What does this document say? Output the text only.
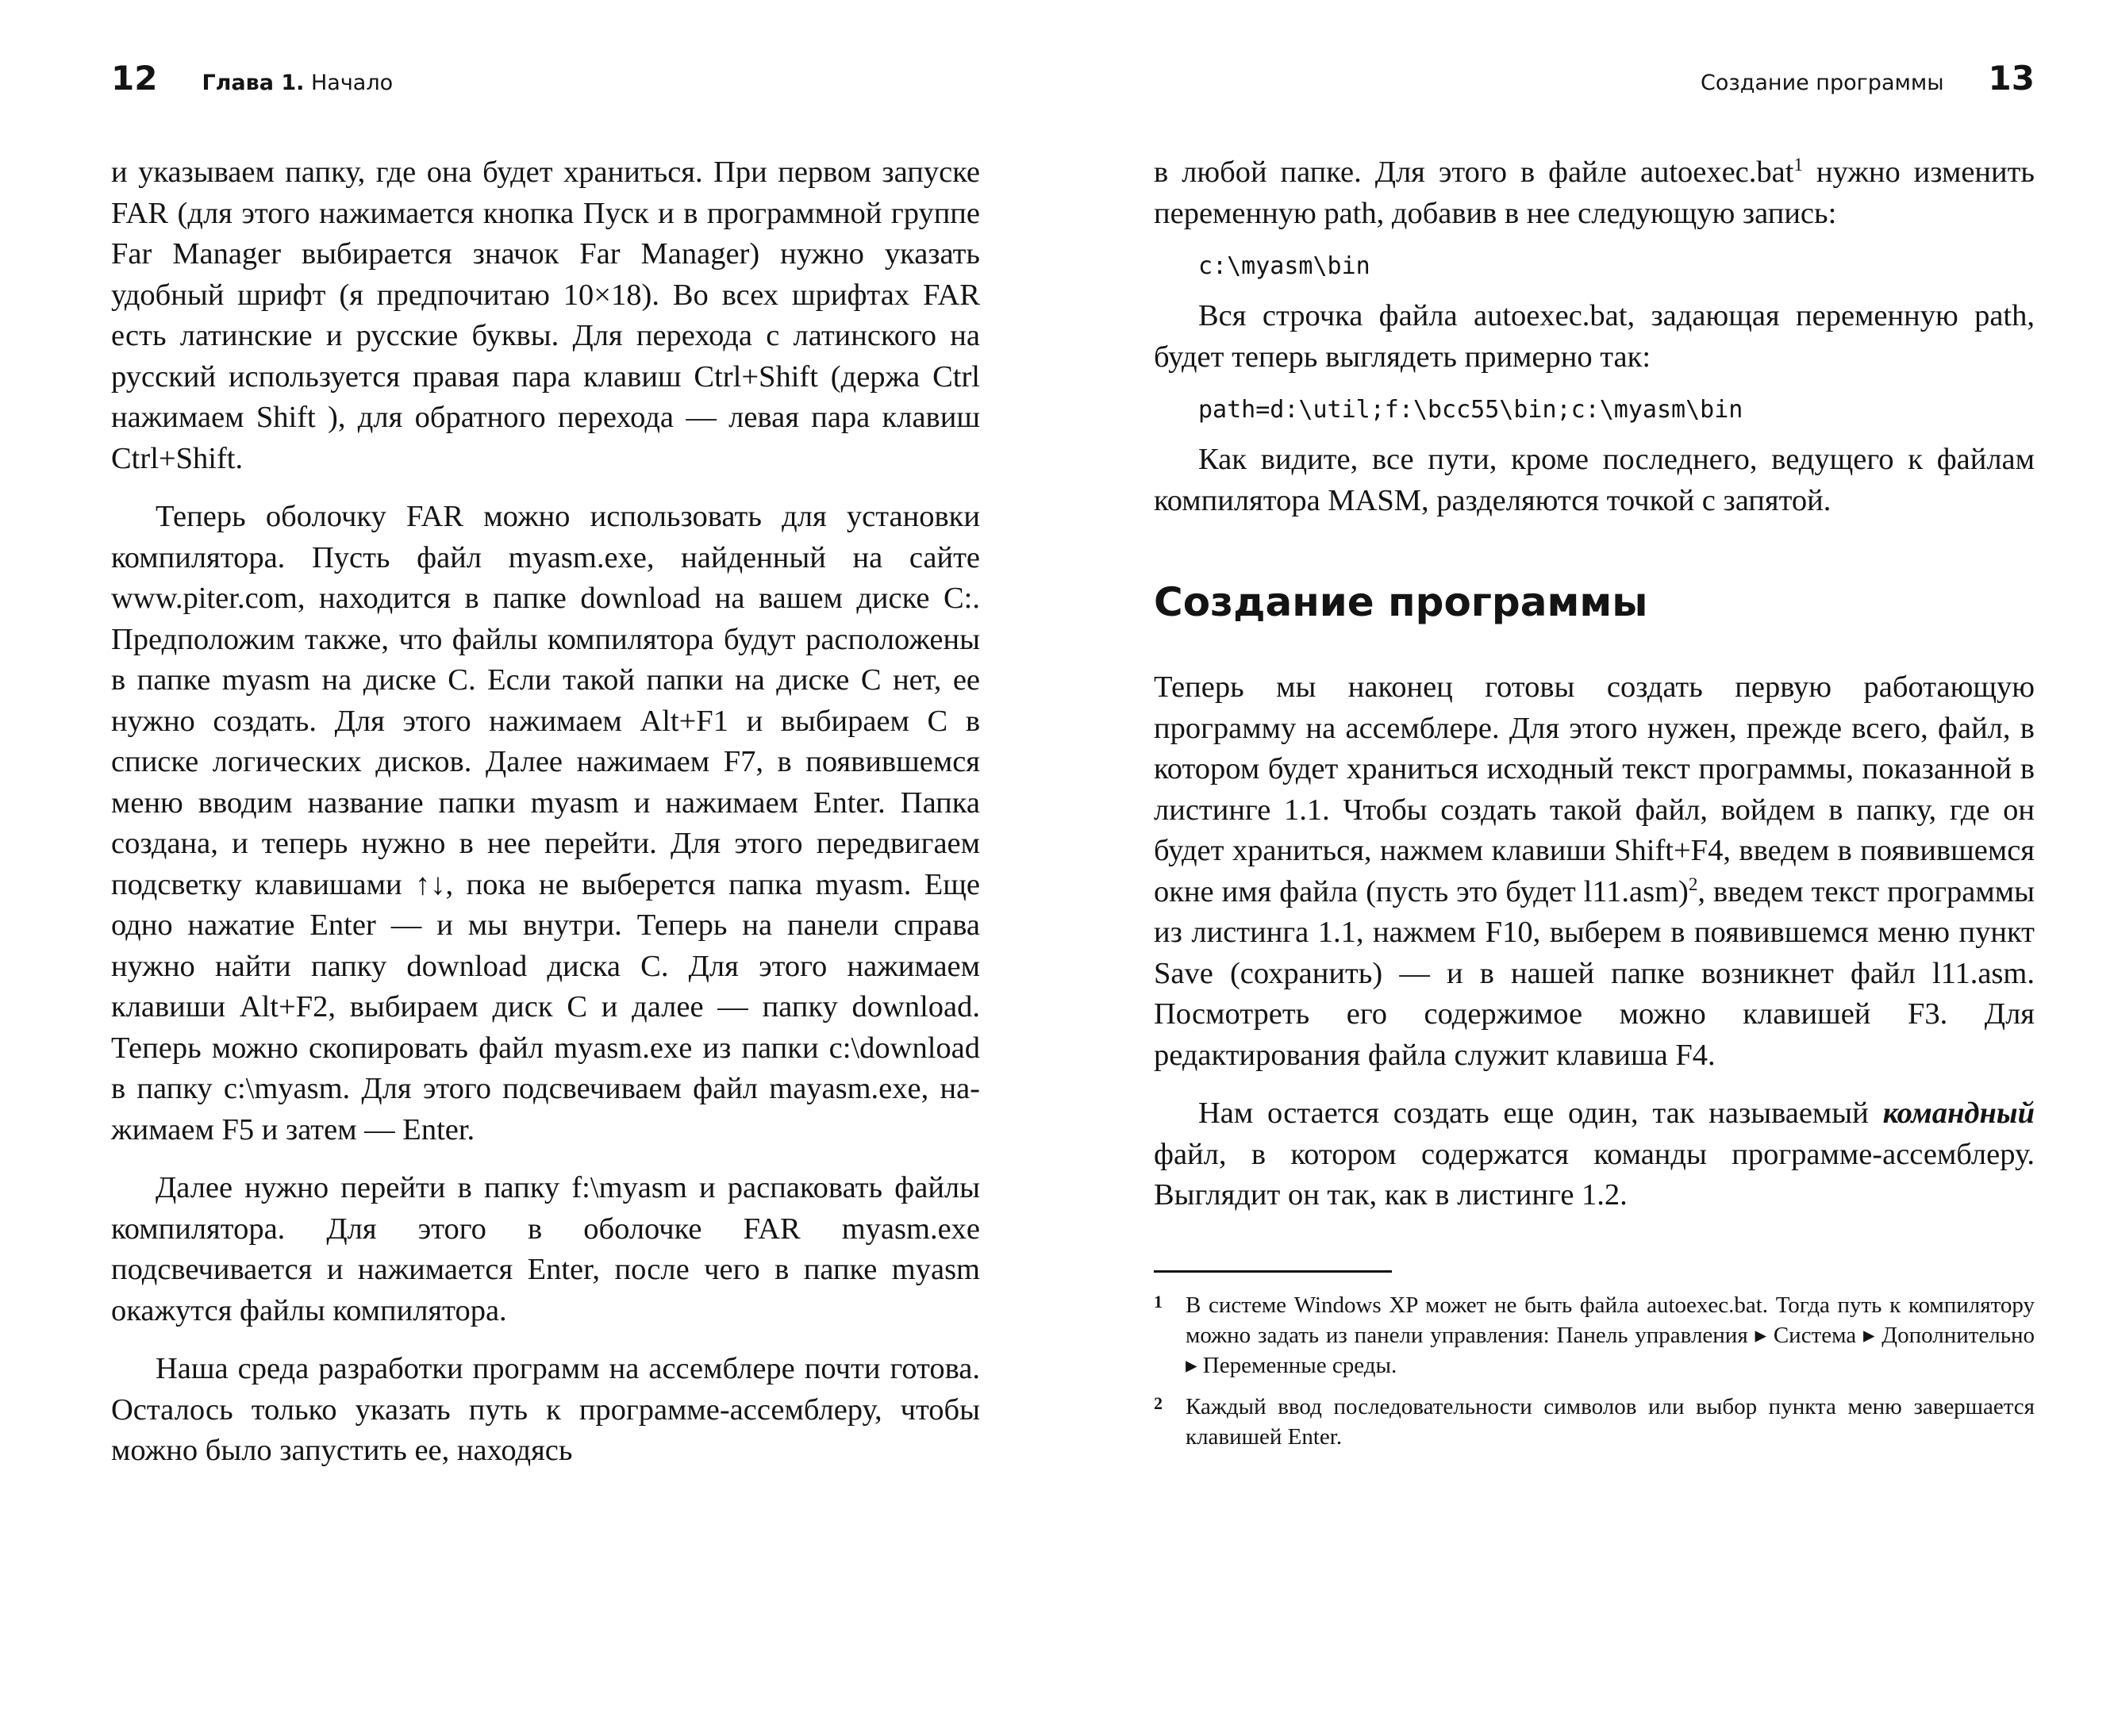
12 Глава 1. Начало

и указываем папку, где она будет храниться. При первом запуске FAR (для этого нажимается кнопка Пуск и в программной группе Far Manager выбирается значок Far Manager) нужно указать удобный шрифт (я предпочитаю 10×18). Во всех шрифтах FAR есть латинские и русские буквы. Для перехода с латинского на русский используется правая пара клавиш Ctrl+Shift (держа Ctrl нажимаем Shift ), для обратного перехода — левая пара клавиш Ctrl+Shift.

Теперь оболочку FAR можно использовать для установки компилятора. Пусть файл myasm.exe, найденный на сайте www.piter.com, находится в папке download на вашем диске C:. Предположим также, что файлы компилятора будут расположены в папке myasm на диске C. Если такой папки на диске C нет, ее нужно создать. Для этого нажимаем Alt+F1 и выбираем C в списке логических дисков. Далее нажимаем F7, в появившемся меню вводим название папки myasm и нажимаем Enter. Папка создана, и теперь нужно в нее перейти. Для этого передвигаем подсветку клавишами ↑↓, пока не выберется папка myasm. Еще одно нажатие Enter — и мы внутри. Теперь на панели справа нужно найти папку download диска C. Для этого нажимаем клавиши Alt+F2, выбираем диск C и далее — папку download. Теперь можно скопировать файл myasm.exe из папки c:\download в папку c:\myasm. Для этого подсвечиваем файл mayasm.exe, нажимаем F5 и затем — Enter.

Далее нужно перейти в папку f:\myasm и распаковать файлы компилятора. Для этого в оболочке FAR myasm.exe подсвечивается и нажимается Enter, после чего в папке myasm окажутся файлы компилятора.

Наша среда разработки программ на ассемблере почти готова. Осталось только указать путь к программе-ассемблеру, чтобы можно было запустить ее, находясь

Создание программы 13

в любой папке. Для этого в файле autoexec.bat$^1$ нужно изменить переменную path, добавив в нее следующую запись:

c:\myasm\bin

Вся строчка файла autoexec.bat, задающая переменную path, будет теперь выглядеть примерно так:

path=d:\util;f:\bcc55\bin;c:\myasm\bin

Как видите, все пути, кроме последнего, ведущего к файлам компилятора MASM, разделяются точкой с запятой.

Создание программы

Теперь мы наконец готовы создать первую работающую программу на ассемблере. Для этого нужен, прежде всего, файл, в котором будет храниться исходный текст программы, показанной в листинге 1.1. Чтобы создать такой файл, войдем в папку, где он будет храниться, нажмем клавиши Shift+F4, введем в появившемся окне имя файла (пусть это будет l11.asm)$^2$, введем текст программы из листинга 1.1, нажмем F10, выберем в появившемся меню пункт Save (сохранить) — и в нашей папке возникнет файл l11.asm. Посмотреть его содержимое можно клавишей F3. Для редактирования файла служит клавиша F4.

Нам остается создать еще один, так называемый командный файл, в котором содержатся команды программе-ассемблеру. Выглядит он так, как в листинге 1.2.

1 В системе Windows XP может не быть файла autoexec.bat. Тогда путь к компилятору можно задать из панели управления: Панель управления ▸ Система ▸ Дополнительно ▸ Переменные среды.
2 Каждый ввод последовательности символов или выбор пункта меню завершается клавишей Enter.
